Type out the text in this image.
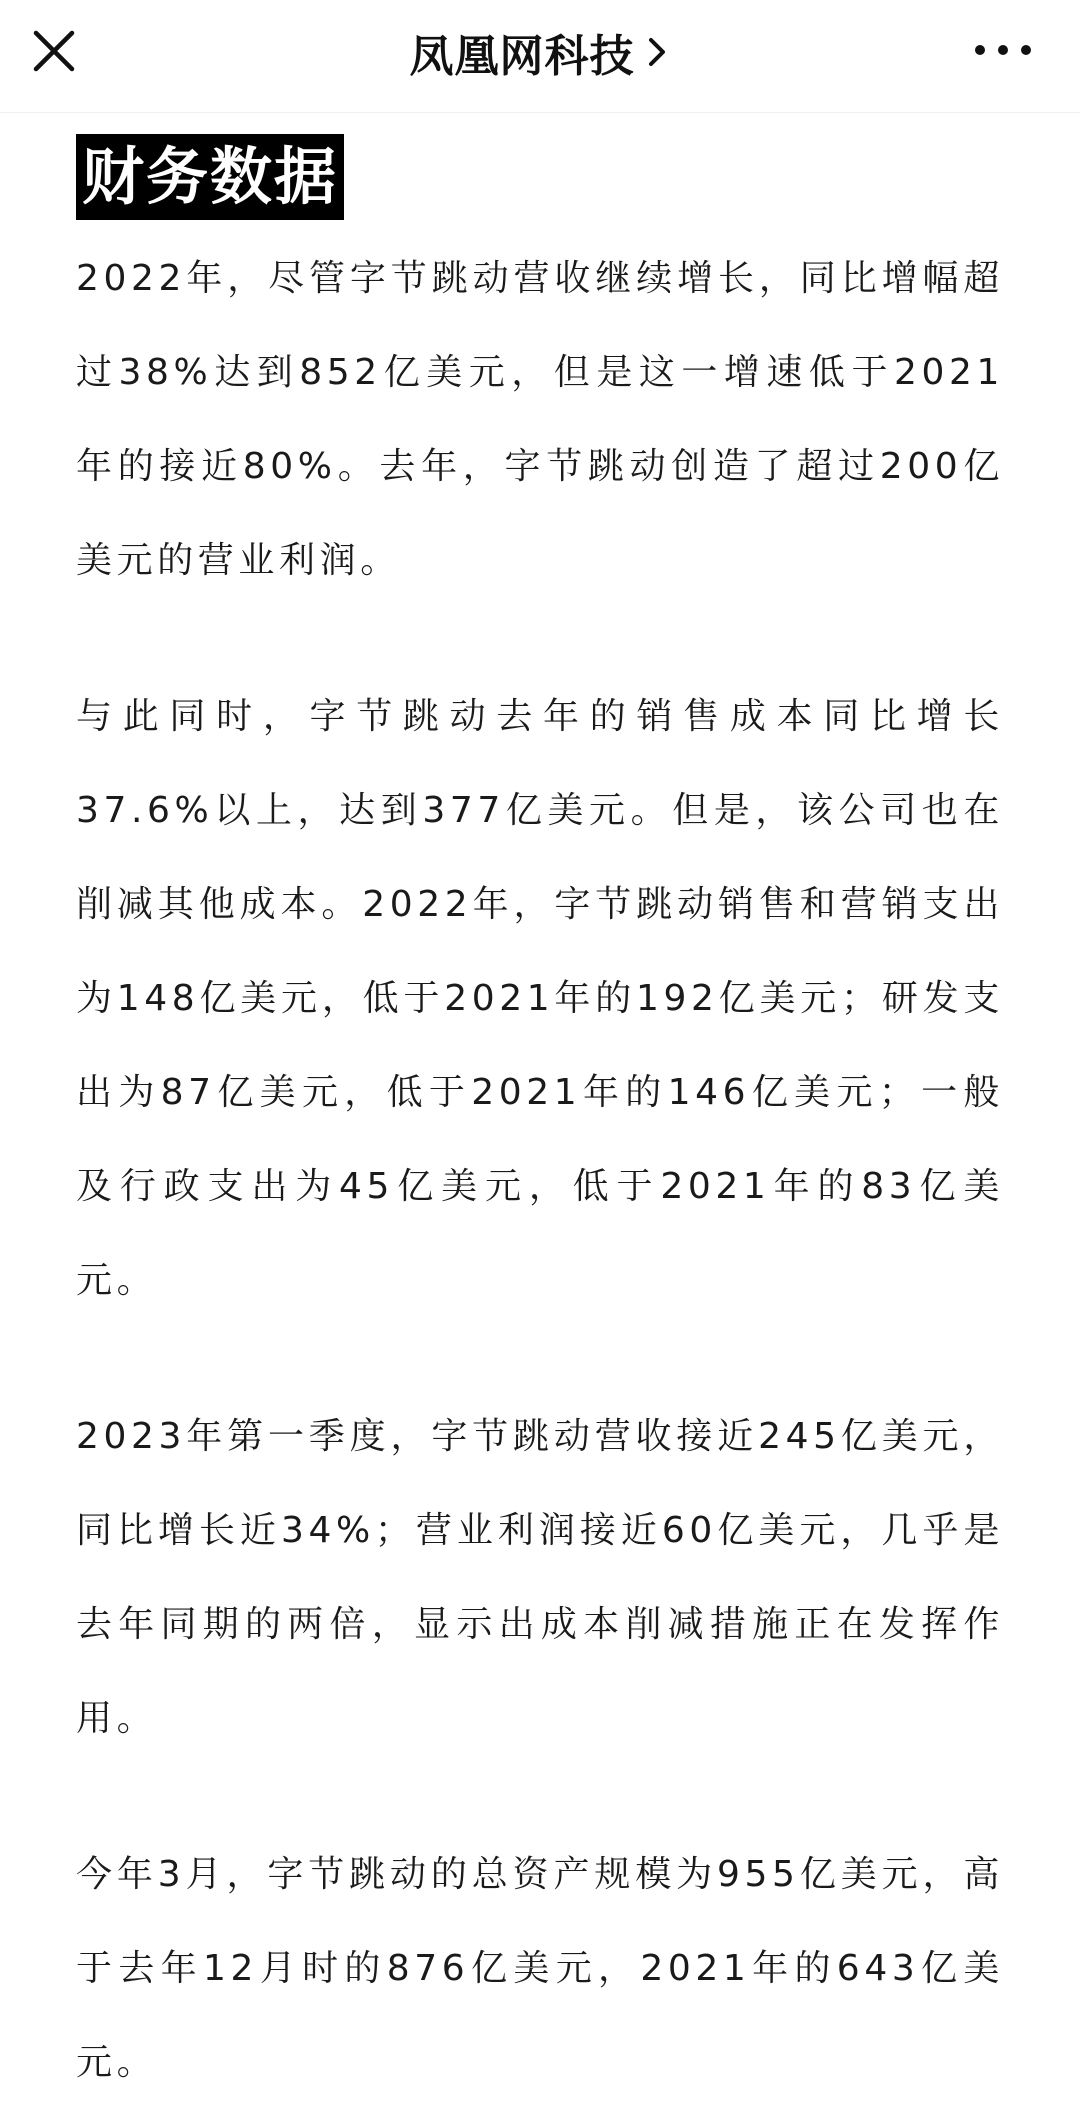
凤凰网科技
财务数据

2022年，尽管字节跳动营收继续增长，同比增幅超过38%达到852亿美元，但是这一增速低于2021年的接近80%。去年，字节跳动创造了超过200亿美元的营业利润。

与此同时，字节跳动去年的销售成本同比增长37.6%以上，达到377亿美元。但是，该公司也在削减其他成本。2022年，字节跳动销售和营销支出为148亿美元，低于2021年的192亿美元；研发支出为87亿美元，低于2021年的146亿美元；一般及行政支出为45亿美元，低于2021年的83亿美元。

2023年第一季度，字节跳动营收接近245亿美元，同比增长近34%；营业利润接近60亿美元，几乎是去年同期的两倍，显示出成本削减措施正在发挥作用。

今年3月，字节跳动的总资产规模为955亿美元，高于去年12月时的876亿美元，2021年的643亿美元。
